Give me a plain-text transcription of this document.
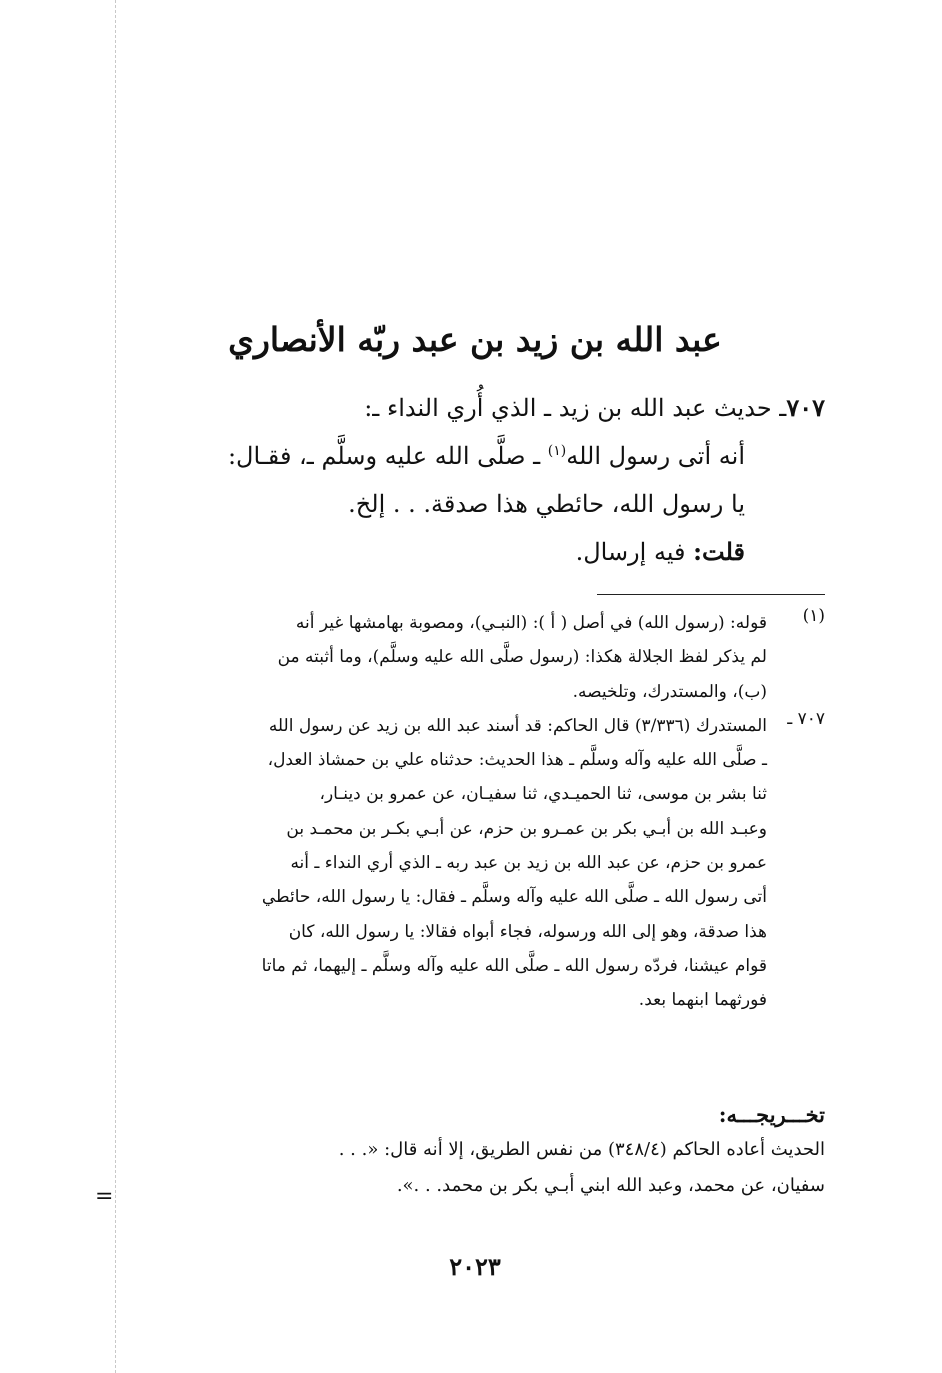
=
عبد الله بن زيد بن عبد ربّه الأنصاري
٧٠٧ـ حديث عبد الله بن زيد ـ الذي أُري النداء ـ:
أنه أتى رسول الله$^{(١)}$ ـ صلَّى الله عليه وسلَّم ـ، فقـال:
يا رسول الله، حائطي هذا صدقة. . . إلخ.
قلت: فيه إرسال.
(١)
قوله: (رسول الله) في أصل ( أ ): (النبـي)، ومصوبة بهامشها غير أنه
لم يذكر لفظ الجلالة هكذا: (رسول صلَّى الله عليه وسلَّم)، وما أثبته من
(ب)، والمستدرك، وتلخيصه.
٧٠٧ ـ
المستدرك (٣/٣٣٦) قال الحاكم: قد أسند عبد الله بن زيد عن رسول الله
ـ صلَّى الله عليه وآله وسلَّم ـ هذا الحديث: حدثناه علي بن حمشاذ العدل،
ثنا بشر بن موسى، ثنا الحميـدي، ثنا سفيـان، عن عمرو بن دينـار،
وعبـد الله بن أبـي بكر بن عمـرو بن حزم، عن أبـي بكـر بن محمـد بن
عمرو بن حزم، عن عبد الله بن زيد بن عبد ربه ـ الذي أري النداء ـ أنه
أتى رسول الله ـ صلَّى الله عليه وآله وسلَّم ـ فقال: يا رسول الله، حائطي
هذا صدقة، وهو إلى الله ورسوله، فجاء أبواه فقالا: يا رسول الله، كان
قوام عيشنا، فردّه رسول الله ـ صلَّى الله عليه وآله وسلَّم ـ إليهما، ثم ماتا
فورثهما ابنهما بعد.
تخـــريجـــه:
الحديث أعاده الحاكم (٣٤٨/٤) من نفس الطريق، إلا أنه قال: «. . .
سفيان، عن محمد، وعبد الله ابني أبـي بكر بن محمد. . .».
٢٠٢٣
